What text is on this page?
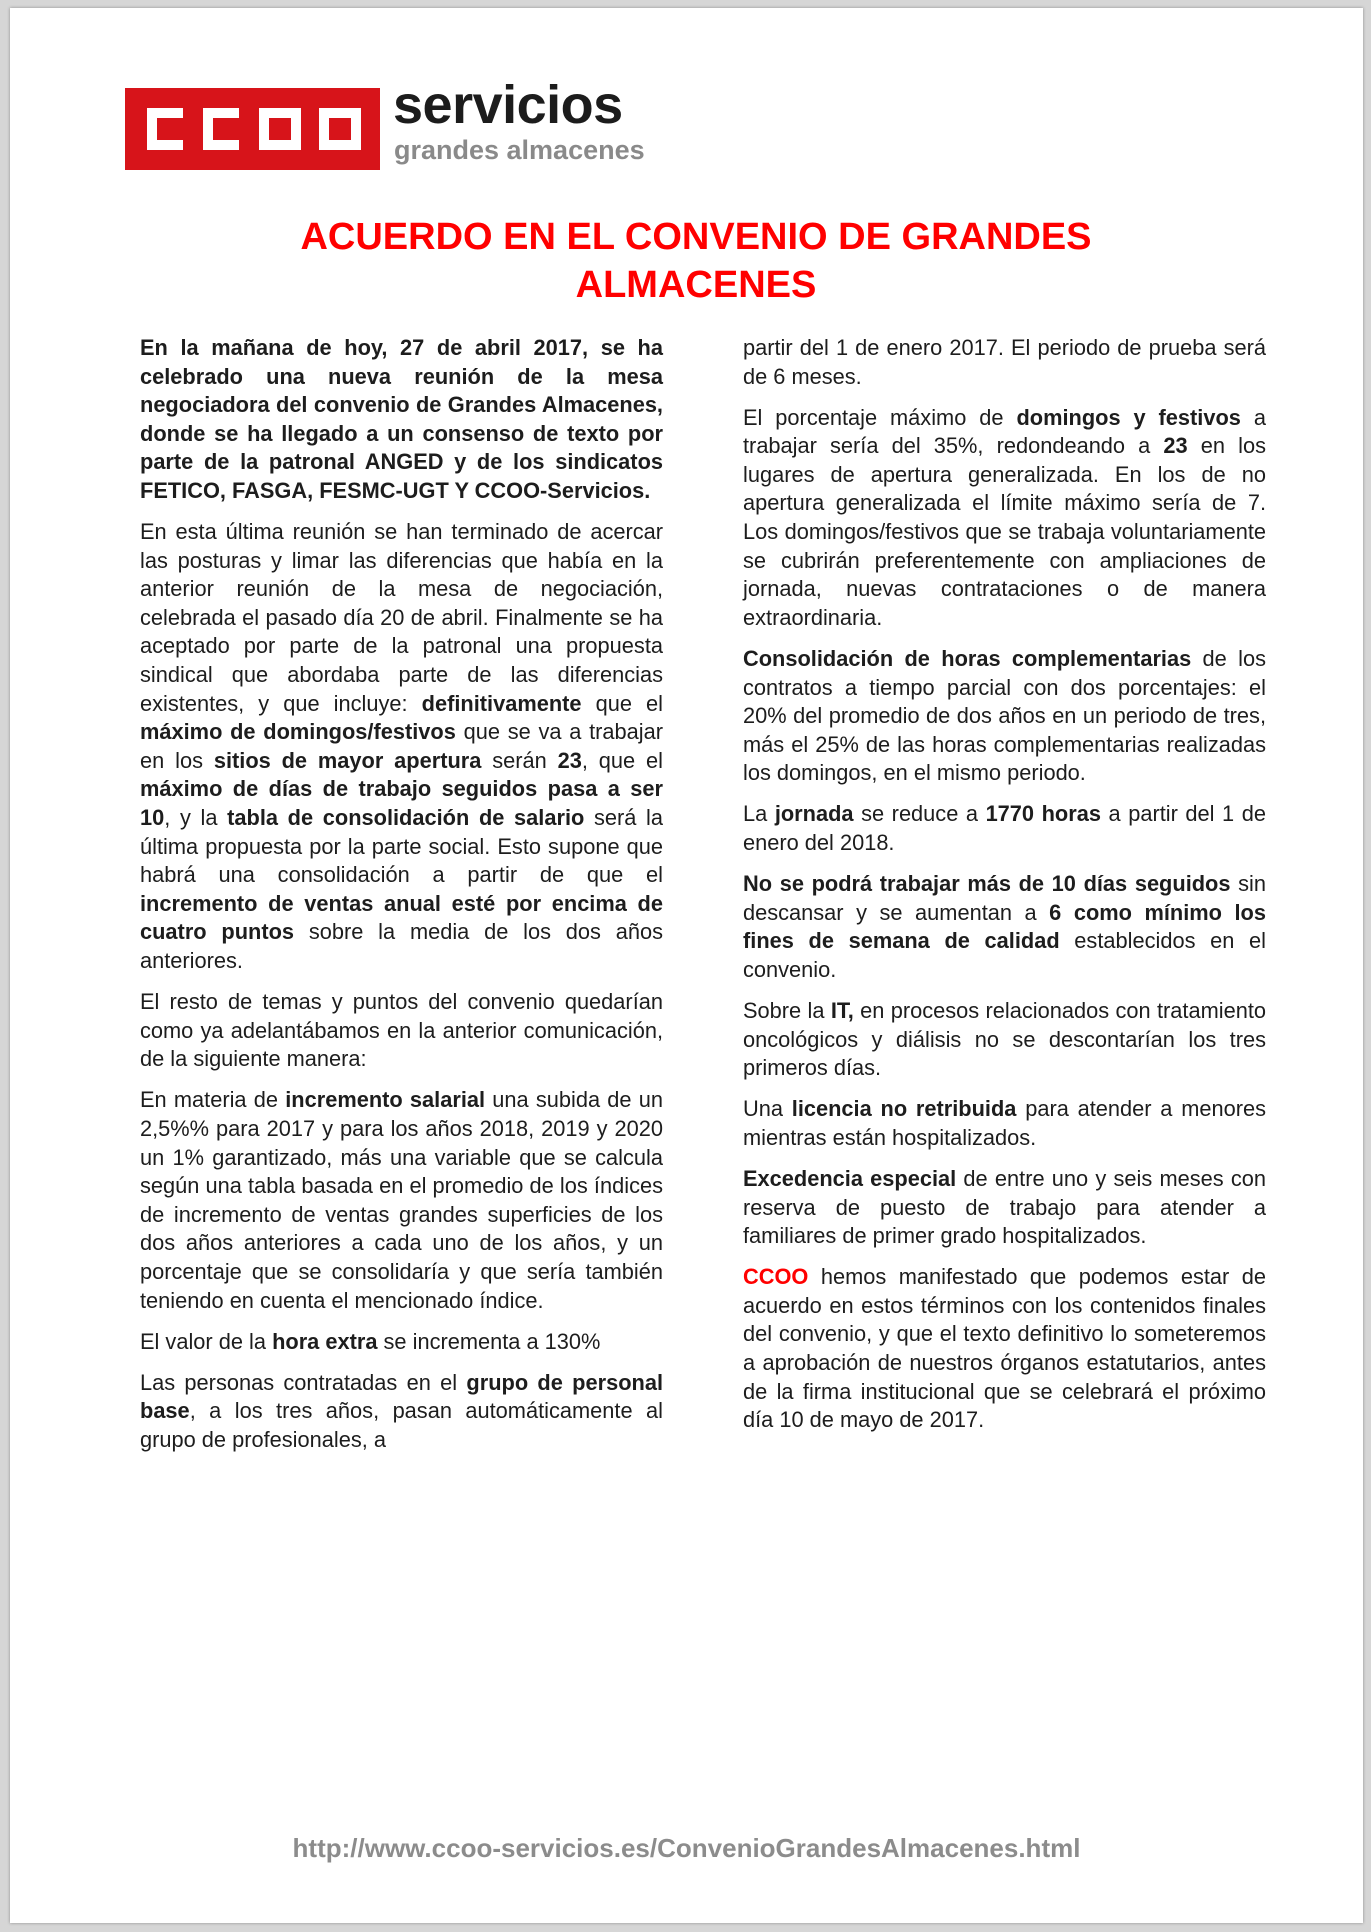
servicios
grandes almacenes
ACUERDO EN EL CONVENIO DE GRANDES
ALMACENES

En la mañana de hoy, 27 de abril 2017, se ha celebrado una nueva reunión de la mesa negociadora del convenio de Grandes Almacenes, donde se ha llegado a un consenso de texto por parte de la patronal ANGED y de los sindicatos FETICO, FASGA, FESMC-UGT Y CCOO-Servicios.

En esta última reunión se han terminado de acercar las posturas y limar las diferencias que había en la anterior reunión de la mesa de negociación, celebrada el pasado día 20 de abril. Finalmente se ha aceptado por parte de la patronal una propuesta sindical que abordaba parte de las diferencias existentes, y que incluye: definitivamente que el máximo de domingos/festivos que se va a trabajar en los sitios de mayor apertura serán 23, que el máximo de días de trabajo seguidos pasa a ser 10, y la tabla de consolidación de salario será la última propuesta por la parte social. Esto supone que habrá una consolidación a partir de que el incremento de ventas anual esté por encima de cuatro puntos sobre la media de los dos años anteriores.

El resto de temas y puntos del convenio quedarían como ya adelantábamos en la anterior comunicación, de la siguiente manera:

En materia de incremento salarial una subida de un 2,5%% para 2017 y para los años 2018, 2019 y 2020 un 1% garantizado, más una variable que se calcula según una tabla basada en el promedio de los índices de incremento de ventas grandes superficies de los dos años anteriores a cada uno de los años, y un porcentaje que se consolidaría y que sería también teniendo en cuenta el mencionado índice.

El valor de la hora extra se incrementa a 130%

Las personas contratadas en el grupo de personal base, a los tres años, pasan automáticamente al grupo de profesionales, a

partir del 1 de enero 2017. El periodo de prueba será de 6 meses.

El porcentaje máximo de domingos y festivos a trabajar sería del 35%, redondeando a 23 en los lugares de apertura generalizada. En los de no apertura generalizada el límite máximo sería de 7. Los domingos/festivos que se trabaja voluntariamente se cubrirán preferentemente con ampliaciones de jornada, nuevas contrataciones o de manera extraordinaria.

Consolidación de horas complementarias de los contratos a tiempo parcial con dos porcentajes: el 20% del promedio de dos años en un periodo de tres, más el 25% de las horas complementarias realizadas los domingos, en el mismo periodo.

La jornada se reduce a 1770 horas a partir del 1 de enero del 2018.

No se podrá trabajar más de 10 días seguidos sin descansar y se aumentan a 6 como mínimo los fines de semana de calidad establecidos en el convenio.

Sobre la IT, en procesos relacionados con tratamiento oncológicos y diálisis no se descontarían los tres primeros días.

Una licencia no retribuida para atender a menores mientras están hospitalizados.

Excedencia especial de entre uno y seis meses con reserva de puesto de trabajo para atender a familiares de primer grado hospitalizados.

CCOO hemos manifestado que podemos estar de acuerdo en estos términos con los contenidos finales del convenio, y que el texto definitivo lo someteremos a aprobación de nuestros órganos estatutarios, antes de la firma institucional que se celebrará el próximo día 10 de mayo de 2017.

http://www.ccoo-servicios.es/ConvenioGrandesAlmacenes.html
